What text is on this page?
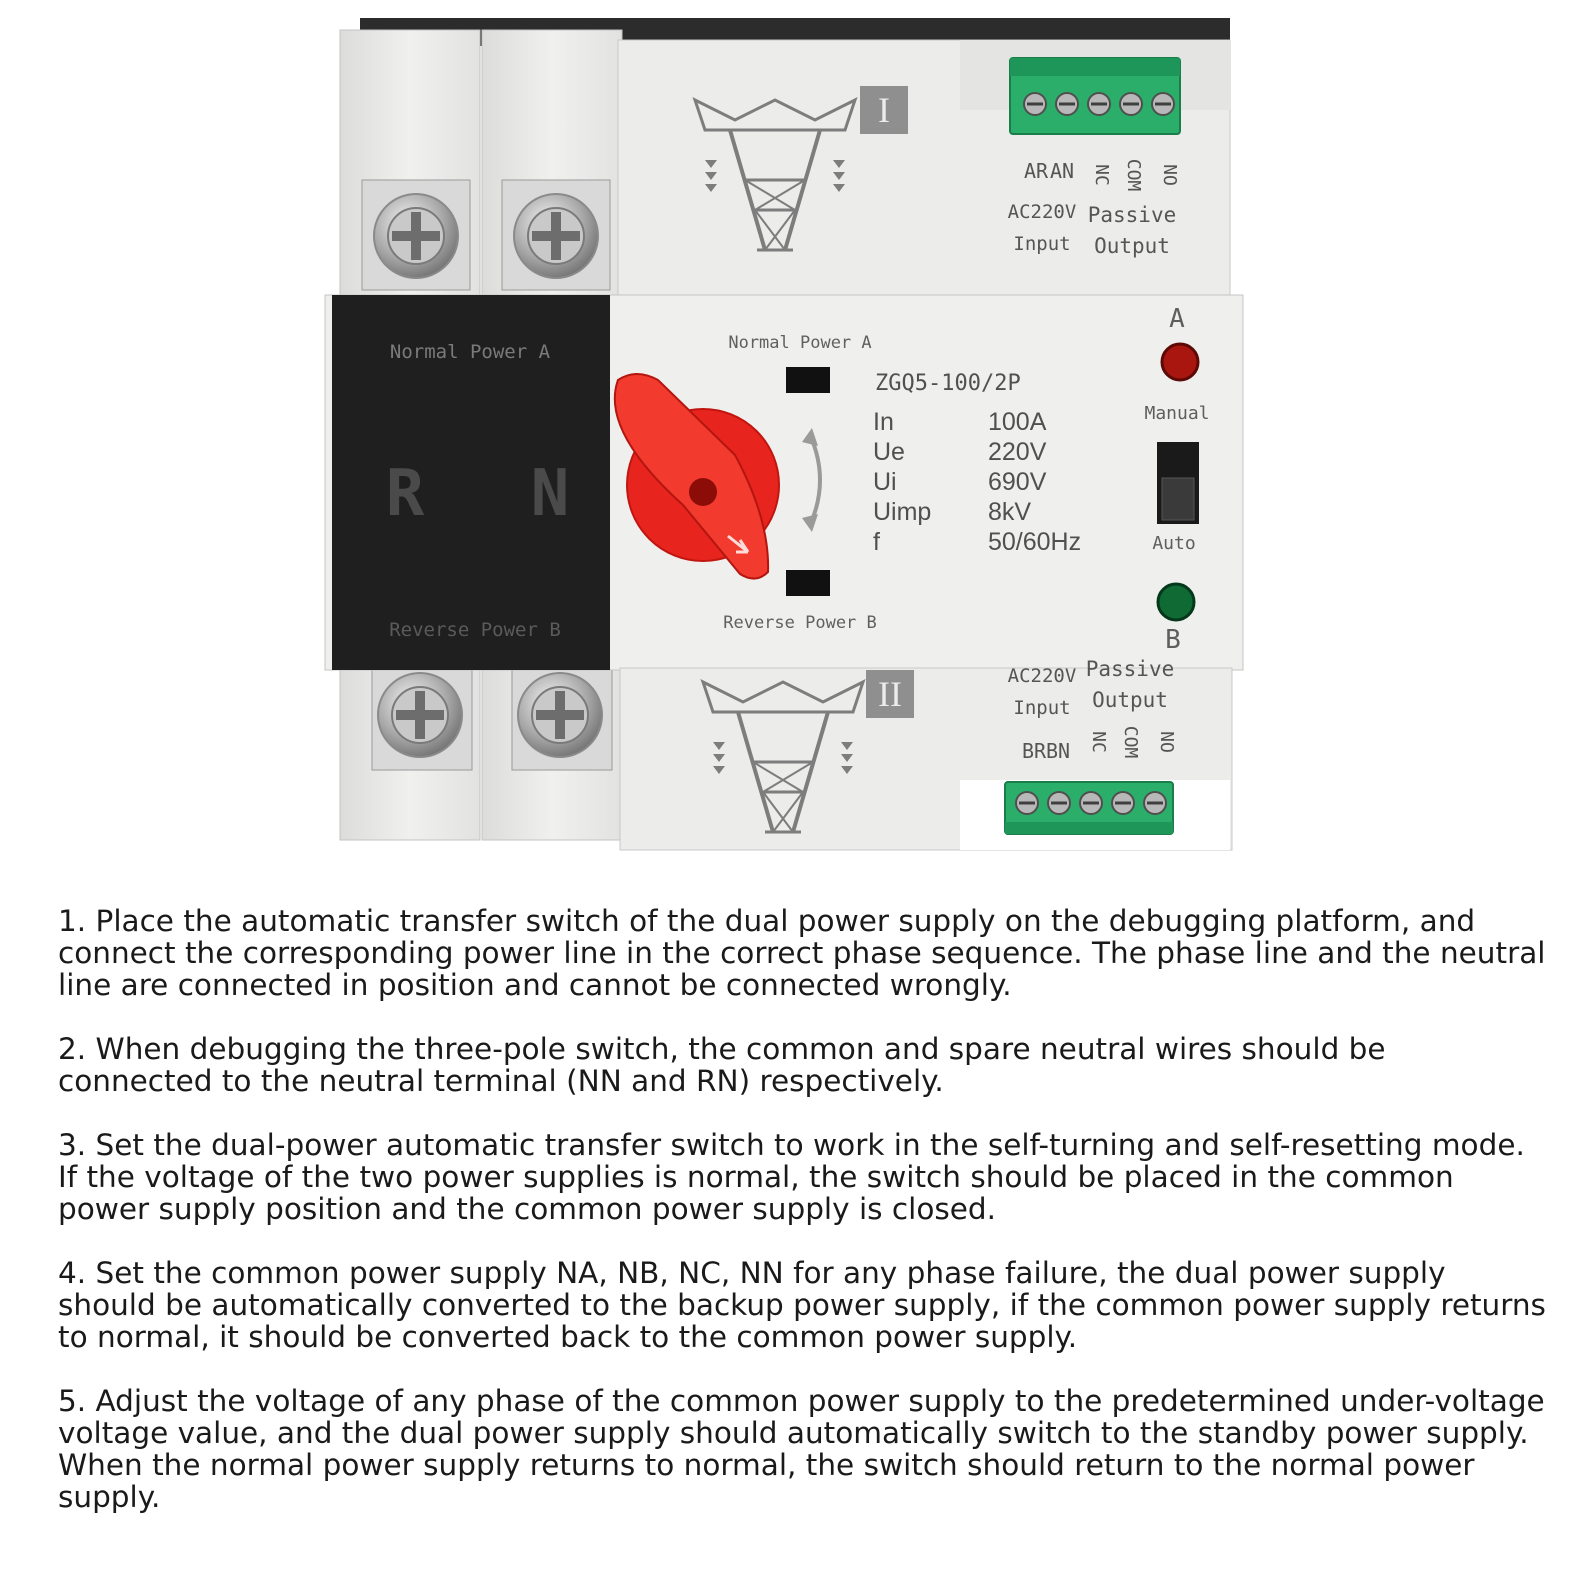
I
AR AN NC COM NO
AC220V Passive
Input Output
Normal Power A
R N
Reverse Power B
Normal Power A
Reverse Power B
ZGQ5-100/2P
In	100A
Ue	220V
Ui	690V
Uimp 8kV
f	50/60Hz
A
Manual
Auto
B
II	AC220V Passive
Input Output
BR BN NC COM NO

1. Place the automatic transfer switch of the dual power supply on the debugging platform, and connect the corresponding power line in the correct phase sequence. The phase line and the neutral line are connected in position and cannot be connected wrongly.

2. When debugging the three-pole switch, the common and spare neutral wires should be connected to the neutral terminal (NN and RN) respectively.

3. Set the dual-power automatic transfer switch to work in the self-turning and self-resetting mode. If the voltage of the two power supplies is normal, the switch should be placed in the common power supply position and the common power supply is closed.

4. Set the common power supply NA, NB, NC, NN for any phase failure, the dual power supply should be automatically converted to the backup power supply, if the common power supply returns to normal, it should be converted back to the common power supply.

5. Adjust the voltage of any phase of the common power supply to the predetermined under-voltage voltage value, and the dual power supply should automatically switch to the standby power supply. When the normal power supply returns to normal, the switch should return to the normal power supply.
